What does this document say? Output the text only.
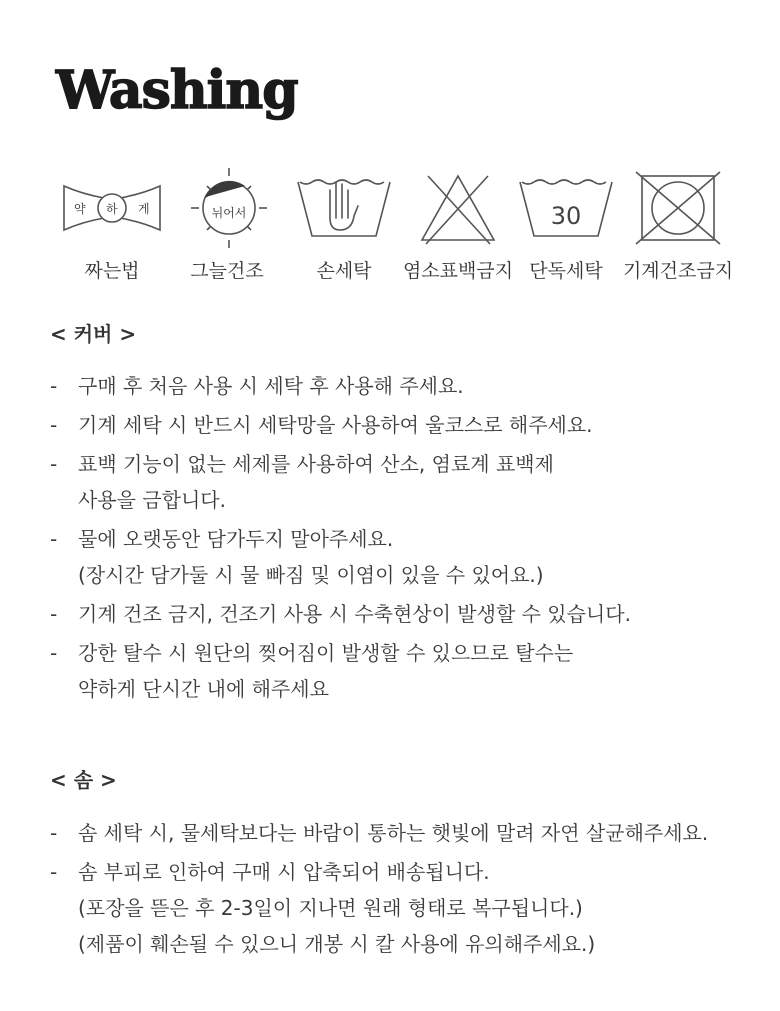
Washing
약 하 게
짜는법
뉘어서
그늘건조	손세탁	염소표백금지
30
단독세탁	기계건조금지
< 커버 >
- 구매 후 처음 사용 시 세탁 후 사용해 주세요.
- 기계 세탁 시 반드시 세탁망을 사용하여 울코스로 해주세요.
- 표백 기능이 없는 세제를 사용하여 산소, 염료계 표백제
사용을 금합니다.
- 물에 오랫동안 담가두지 말아주세요.
(장시간 담가둘 시 물 빠짐 및 이염이 있을 수 있어요.)
- 기계 건조 금지, 건조기 사용 시 수축현상이 발생할 수 있습니다.
- 강한 탈수 시 원단의 찢어짐이 발생할 수 있으므로 탈수는
약하게 단시간 내에 해주세요
< 솜 >
- 솜 세탁 시, 물세탁보다는 바람이 통하는 햇빛에 말려 자연 살균해주세요.
- 솜 부피로 인하여 구매 시 압축되어 배송됩니다.
(포장을 뜯은 후 2-3일이 지나면 원래 형태로 복구됩니다.)
(제품이 훼손될 수 있으니 개봉 시 칼 사용에 유의해주세요.)
